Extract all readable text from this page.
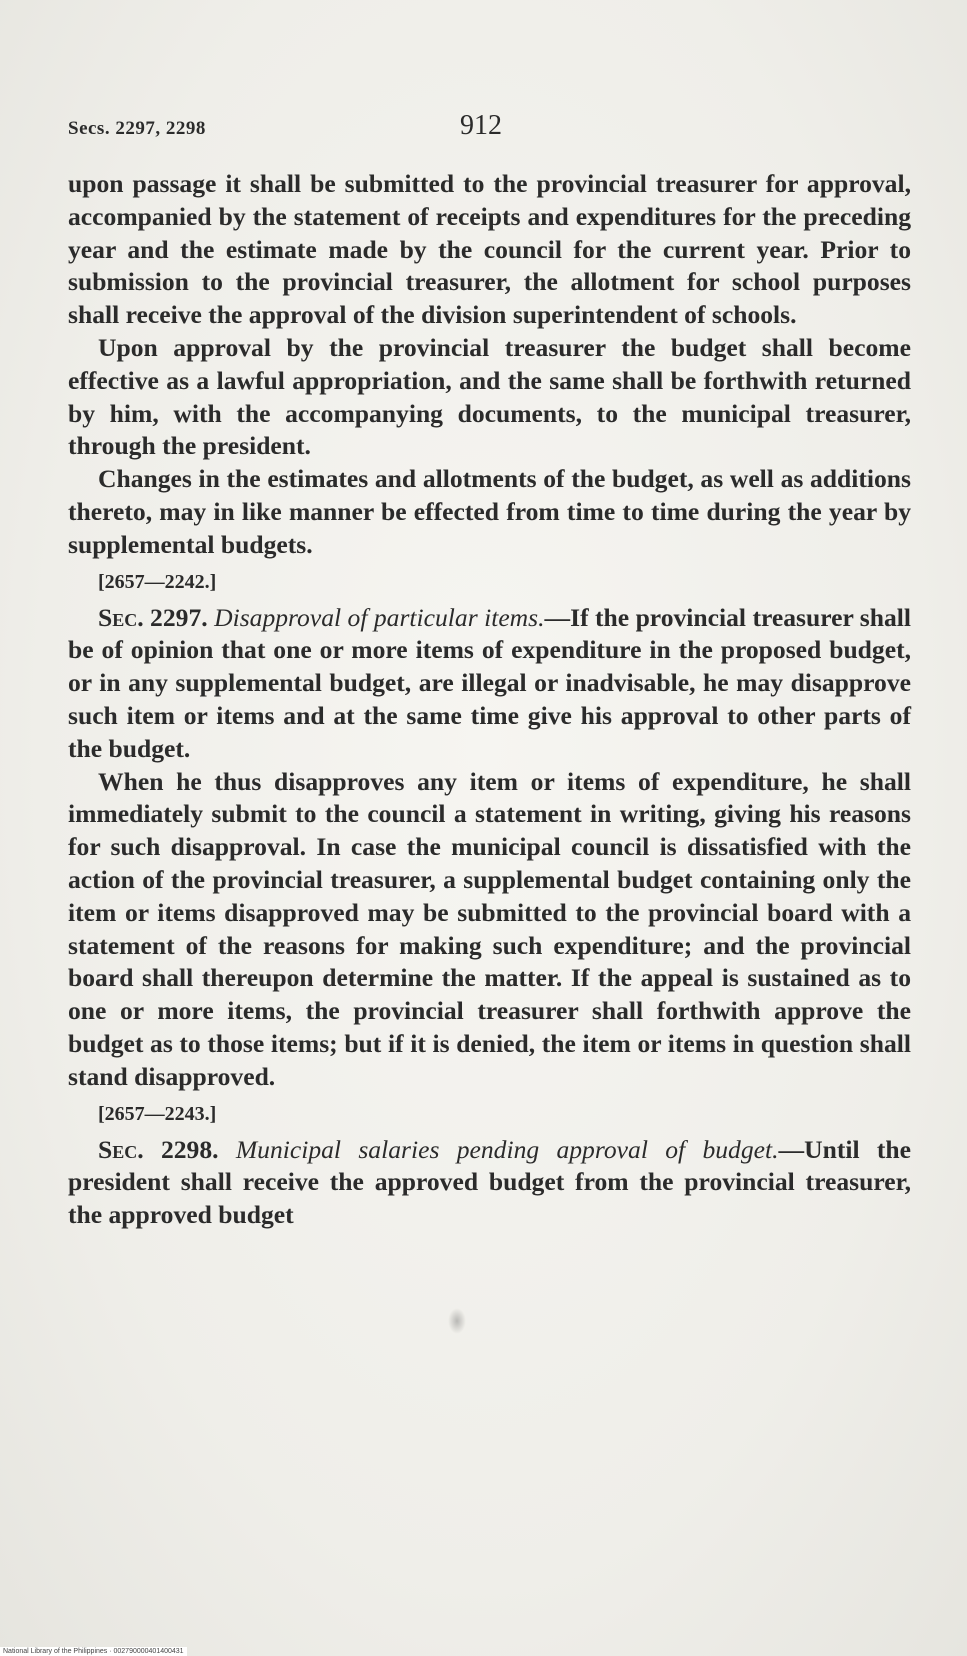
Secs. 2297, 2298	912

upon passage it shall be submitted to the provincial treasurer for approval, accompanied by the statement of receipts and expenditures for the preceding year and the estimate made by the council for the current year. Prior to submission to the provincial treasurer, the allotment for school purposes shall receive the approval of the division superintendent of schools.

Upon approval by the provincial treasurer the budget shall become effective as a lawful appropriation, and the same shall be forthwith returned by him, with the accompanying documents, to the municipal treasurer, through the president.

Changes in the estimates and allotments of the budget, as well as additions thereto, may in like manner be effected from time to time during the year by supplemental budgets.

[2657—2242.]

Sec. 2297. Disapproval of particular items.—If the provincial treasurer shall be of opinion that one or more items of expenditure in the proposed budget, or in any supplemental budget, are illegal or inadvisable, he may disapprove such item or items and at the same time give his approval to other parts of the budget.

When he thus disapproves any item or items of expenditure, he shall immediately submit to the council a statement in writing, giving his reasons for such disapproval. In case the municipal council is dissatisfied with the action of the provincial treasurer, a supplemental budget containing only the item or items disapproved may be submitted to the provincial board with a statement of the reasons for making such expenditure; and the provincial board shall thereupon determine the matter. If the appeal is sustained as to one or more items, the provincial treasurer shall forthwith approve the budget as to those items; but if it is denied, the item or items in question shall stand disapproved.

[2657—2243.]

Sec. 2298. Municipal salaries pending approval of budget.—Until the president shall receive the approved budget from the provincial treasurer, the approved budget

National Library of the Philippines · 002790000401400431
